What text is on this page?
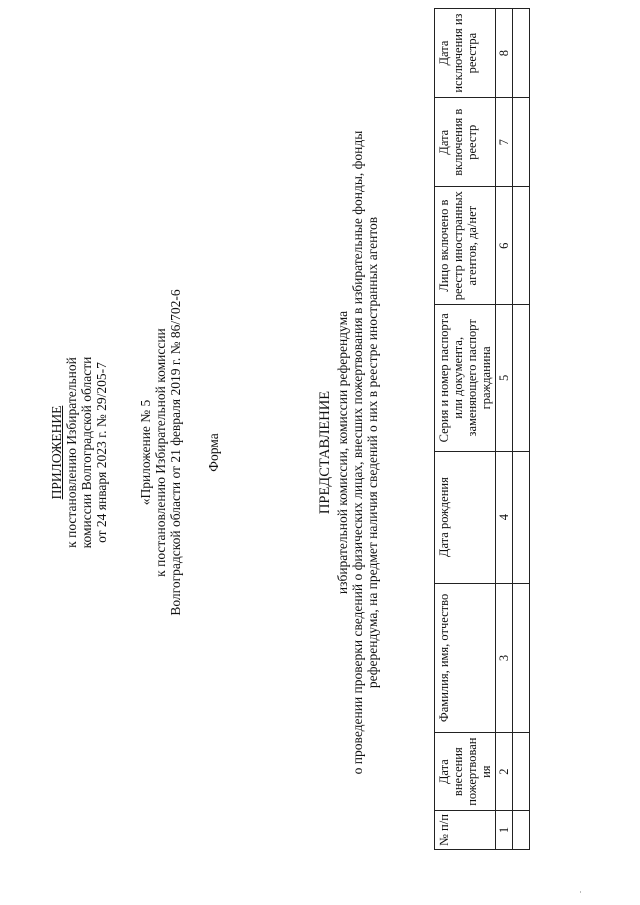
ПРИЛОЖЕНИЕ к постановлению Избирательной комиссии Волгоградской области от 24 января 2023 г. № 29/205-7 «Приложение № 5 к постановлению Избирательной комиссии Волгоградской области от 21 февраля 2019 г. № 86/702-6 Форма	ПРЕДСТАВЛЕНИЕ избирательной комиссии, комиссии референдума о проведении проверки сведений о физических лицах, внесших пожертвования в избирательные фонды, фонды референдума, на предмет наличия сведений о них в реестре иностранных агентов
№ п/п	Дата внесения пожертвования	Фамилия, имя, отчество	Дата рождения	Серия и номер паспорта или документа, заменяющего паспорт гражданина	Лицо включено в реестр иностранных агентов, да/нет	Дата включения в реестр	Дата исключения из реестра
1	2	3	4	5	6	7	8
